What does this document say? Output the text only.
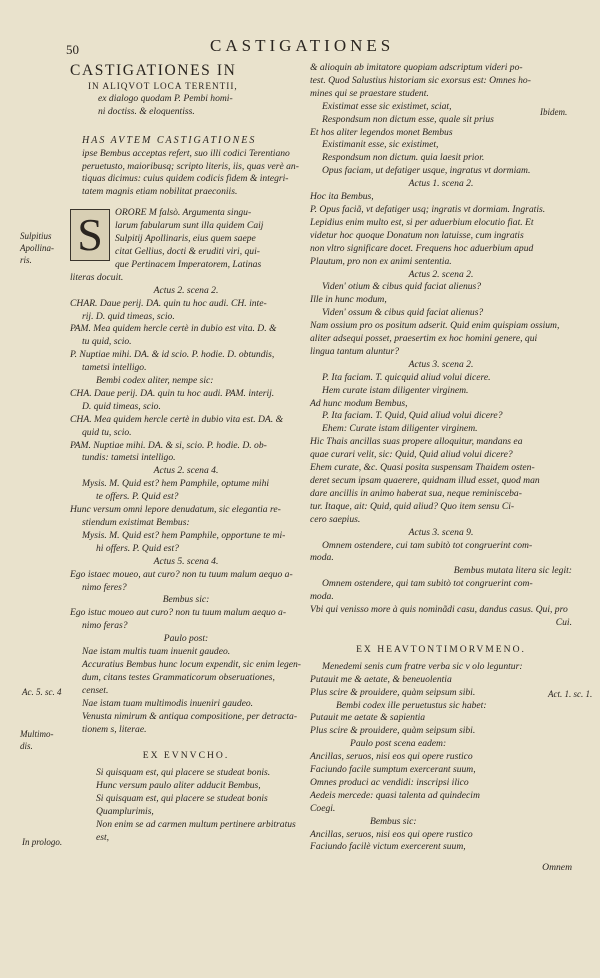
50	CASTIGATIONES
Sulpitius
Apollina-
ris.
Ac. 5. sc. 4
Multimo-
dis.
In prologo.
Ibidem.
Act. 1. sc. 1.

CASTIGATIONES IN

IN ALIQVOT LOCA TERENTII,

ex dialogo quodam P. Pembi homi-

ni doctiss. & eloquentiss.

HAS AVTEM CASTIGATIONES

ipse Bembus acceptas refert, suo illi codici Terentiano

peruetusto, maioribusq; scripto literis, iis, quas verè an-

tiquas dicimus: cuius quidem codicis fidem & integri-

tatem magnis etiam nobilitat praeconiis.

S	ORORE M falsò. Argumenta singu-

larum fabularum sunt illa quidem Caij

Sulpitij Apollinaris, eius quem saepe

citat Gellius, docti & eruditi viri, qui-

que Pertinacem Imperatorem, Latinas

literas docuit.

Actus 2. scena 2.

CHAR. Daue perij. DA. quin tu hoc audi. CH. inte-

rij. D. quid timeas, scio.

PAM. Mea quidem hercle certè in dubio est vita. D. &

tu quid, scio.

P. Nuptiae mihi. DA. & id scio. P. hodie. D. obtundis,

tametsi intelligo.

Bembi codex aliter, nempe sic:

CHA. Daue perij. DA. quin tu hoc audi. PAM. interij.

D. quid timeas, scio.

CHA. Mea quidem hercle certè in dubio vita est. DA. &

quid tu, scio.

PAM. Nuptiae mihi. DA. & si, scio. P. hodie. D. ob-

tundis: tametsi intelligo.

Actus 2. scena 4.

Mysis. M. Quid est? hem Pamphile, optume mihi

te offers. P. Quid est?

Hunc versum omni lepore denudatum, sic elegantia re-

stiendum existimat Bembus:

Mysis. M. Quid est? hem Pamphile, opportune te mi-

hi offers. P. Quid est?

Actus 5. scena 4.

Ego istaec moueo, aut curo? non tu tuum malum aequo a-

nimo feres?

Bembus sic:

Ego istuc moueo aut curo? non tu tuum malum aequo a-

nimo feras?

Paulo post:

Nae istam multis tuam inuenit gaudeo.

Accuratius Bembus hunc locum expendit, sic enim legen-

dum, citans testes Grammaticorum obseruationes, censet.

Nae istam tuam multimodis inueniri gaudeo.

Venusta nimirum & antiqua compositione, per detracta-

tionem s, literae.

EX EVNVCHO.

Si quisquam est, qui placere se studeat bonis.

Hunc versum paulo aliter adducit Bembus,

Si quisquam est, qui placere se studeat bonis

Quamplurimis,

Non enim se ad carmen multum pertinere arbitratus est,

& alioquin ab imitatore quopiam adscriptum videri po-

test. Quod Salustius historiam sic exorsus est: Omnes ho-

mines qui se praestare student.

Existimat esse sic existimet, sciat,

Respondsum non dictum esse, quale sit prius

Et hos aliter legendos monet Bembus

Existimanit esse, sic existimet,

Respondsum non dictum. quia laesit prior.

Opus faciam, ut defatiger usque, ingratus vt dormiam.

Actus 1. scena 2.

Hoc ita Bembus,

P. Opus faciã, vt defatiger usq; ingratis vt dormiam. Ingratis.

Lepidius enim multo est, si per aduerbium elocutio fiat. Et

videtur hoc quoque Donatum non latuisse, cum ingratis

non vltro significare docet. Frequens hoc aduerbium apud

Plautum, pro non ex animi sententia.

Actus 2. scena 2.

Viden' otium & cibus quid faciat alienus?

Ille in hunc modum,

Viden' ossum & cibus quid faciat alienus?

Nam ossium pro os positum adserit. Quid enim quispiam ossium,

aliter adsequi posset, praesertim ex hoc homini genere, qui

lingua tantum aluntur?

Actus 3. scena 2.

P. Ita faciam. T. quicquid aliud volui dicere.

Hem curate istam diligenter virginem.

Ad hunc modum Bembus,

P. Ita faciam. T. Quid, Quid aliud volui dicere?

Ehem: Curate istam diligenter virginem.

Hic Thais ancillas suas propere alloquitur, mandans ea

quae curari velit, sic: Quid, Quid aliud volui dicere?

Ehem curate, &c. Quasi posita suspensam Thaidem osten-

deret secum ipsam quaerere, quidnam illud esset, quod man

dare ancillis in animo haberat sua, neque reminisceba-

tur. Itaque, ait: Quid, quid aliud? Quo item sensu Ci-

cero saepius.

Actus 3. scena 9.

Omnem ostendere, cui tam subitò tot congruerint com-

moda.

Bembus mutata litera sic legit:

Omnem ostendere, qui tam subitò tot congruerint com-

moda.

Vbi qui venisso more à quis nominãdi casu, dandus casus. Qui, pro

Cui.

EX HEAVTONTIMORVMENO.

Menedemi senis cum fratre verba sic v olo leguntur:

Putauit me & aetate, & beneuolentia

Plus scire & prouidere, quàm seipsum sibi.

Bembi codex ille peruetustus sic habet:

Putauit me aetate & sapientia

Plus scire & prouidere, quàm seipsum sibi.

Paulo post scena eadem:

Ancillas, seruos, nisi eos qui opere rustico

Faciundo facile sumptum exercerant suum,

Omnes produci ac vendidi: inscripsi ilico

Aedeis mercede: quasi talenta ad quindecim

Coegi.

Bembus sic:

Ancillas, seruos, nisi eos qui opere rustico

Faciundo facilè victum exercerent suum,

Omnem
